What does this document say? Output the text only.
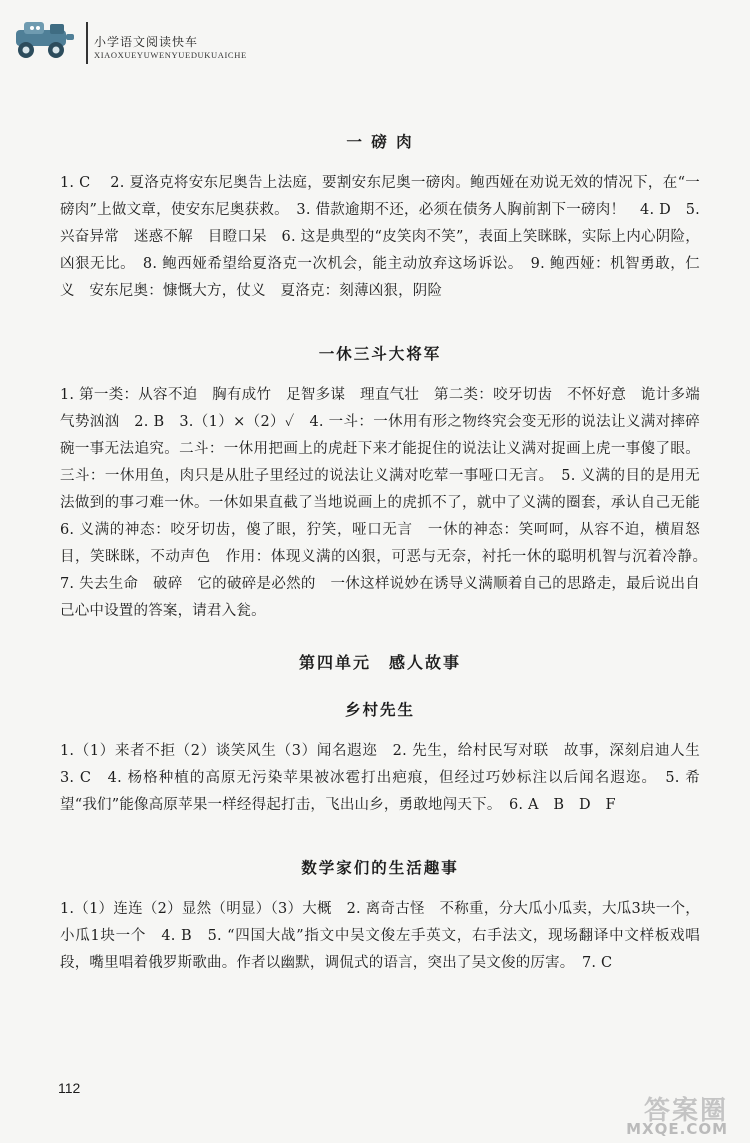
小学语文阅读快车
XIAOXUEYUWENYUEDUKUAICHE
一 磅 肉

1. C　 2. 夏洛克将安东尼奥告上法庭，要割安东尼奥一磅肉。鲍西娅在劝说无效的情况下，在“一磅肉”上做文章，使安东尼奥获救。　3. 借款逾期不还，必须在债务人胸前割下一磅肉！　4. D　5. 兴奋异常　迷惑不解　目瞪口呆　6. 这是典型的“皮笑肉不笑”，表面上笑眯眯，实际上内心阴险，凶狠无比。　8. 鲍西娅希望给夏洛克一次机会，能主动放弃这场诉讼。　9. 鲍西娅：机智勇敢，仁义　安东尼奥：慷慨大方，仗义　夏洛克：刻薄凶狠，阴险

一休三斗大将军

1. 第一类：从容不迫　胸有成竹　足智多谋　理直气壮　第二类：咬牙切齿　不怀好意　诡计多端　气势汹汹　2. B　3.（1）×（2）✓　4. 一斗：一休用有形之物终究会变无形的说法让义满对摔碎碗一事无法追究。二斗：一休用把画上的虎赶下来才能捉住的说法让义满对捉画上虎一事傻了眼。三斗：一休用鱼，肉只是从肚子里经过的说法让义满对吃荤一事哑口无言。　5. 义满的目的是用无法做到的事刁难一休。一休如果直截了当地说画上的虎抓不了，就中了义满的圈套，承认自己无能　6. 义满的神态：咬牙切齿，傻了眼，狞笑，哑口无言　一休的神态：笑呵呵，从容不迫，横眉怒目，笑眯眯，不动声色　作用：体现义满的凶狠，可恶与无奈，衬托一休的聪明机智与沉着冷静。　7. 失去生命　破碎　它的破碎是必然的　一休这样说妙在诱导义满顺着自己的思路走，最后说出自己心中设置的答案，请君入瓮。

第四单元　感人故事
乡村先生

1.（1）来者不拒（2）谈笑风生（3）闻名遐迩　2. 先生，给村民写对联　故事，深刻启迪人生　3. C　4. 杨格种植的高原无污染苹果被冰雹打出疤痕，但经过巧妙标注以后闻名遐迩。　5. 希望“我们”能像高原苹果一样经得起打击，飞出山乡，勇敢地闯天下。　6. A　B　D　F

数学家们的生活趣事

1.（1）连连（2）显然（明显）（3）大概　2. 离奇古怪　不称重，分大瓜小瓜卖，大瓜3块一个，小瓜1块一个　4. B　5. “四国大战”指文中吴文俊左手英文，右手法文，现场翻译中文样板戏唱段，嘴里唱着俄罗斯歌曲。作者以幽默，调侃式的语言，突出了吴文俊的厉害。　7. C

112
答案圈
MXQE.COM
